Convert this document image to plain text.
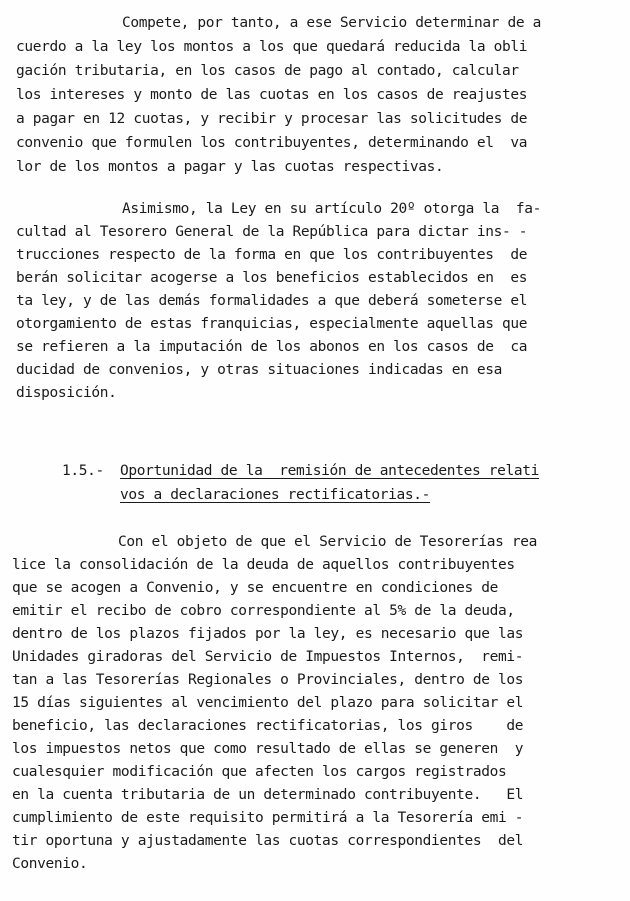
Compete, por tanto, a ese Servicio determinar de a
cuerdo a la ley los montos a los que quedará reducida la obli
gación tributaria, en los casos de pago al contado, calcular
los intereses y monto de las cuotas en los casos de reajustes
a pagar en 12 cuotas, y recibir y procesar las solicitudes de
convenio que formulen los contribuyentes, determinando el  va
lor de los montos a pagar y las cuotas respectivas.
Asimismo, la Ley en su artículo 20º otorga la  fa-
cultad al Tesorero General de la República para dictar ins- -
trucciones respecto de la forma en que los contribuyentes  de
berán solicitar acogerse a los beneficios establecidos en  es
ta ley, y de las demás formalidades a que deberá someterse el
otorgamiento de estas franquicias, especialmente aquellas que
se refieren a la imputación de los abonos en los casos de  ca
ducidad de convenios, y otras situaciones indicadas en esa
disposición.
1.5.- Oportunidad de la  remisión de antecedentes relati
vos a declaraciones rectificatorias.-
Con el objeto de que el Servicio de Tesorerías rea
lice la consolidación de la deuda de aquellos contribuyentes
que se acogen a Convenio, y se encuentre en condiciones de
emitir el recibo de cobro correspondiente al 5% de la deuda,
dentro de los plazos fijados por la ley, es necesario que las
Unidades giradoras del Servicio de Impuestos Internos,  remi-
tan a las Tesorerías Regionales o Provinciales, dentro de los
15 días siguientes al vencimiento del plazo para solicitar el
beneficio, las declaraciones rectificatorias, los giros    de
los impuestos netos que como resultado de ellas se generen  y
cualesquier modificación que afecten los cargos registrados
en la cuenta tributaria de un determinado contribuyente.   El
cumplimiento de este requisito permitirá a la Tesorería emi -
tir oportuna y ajustadamente las cuotas correspondientes  del
Convenio.
